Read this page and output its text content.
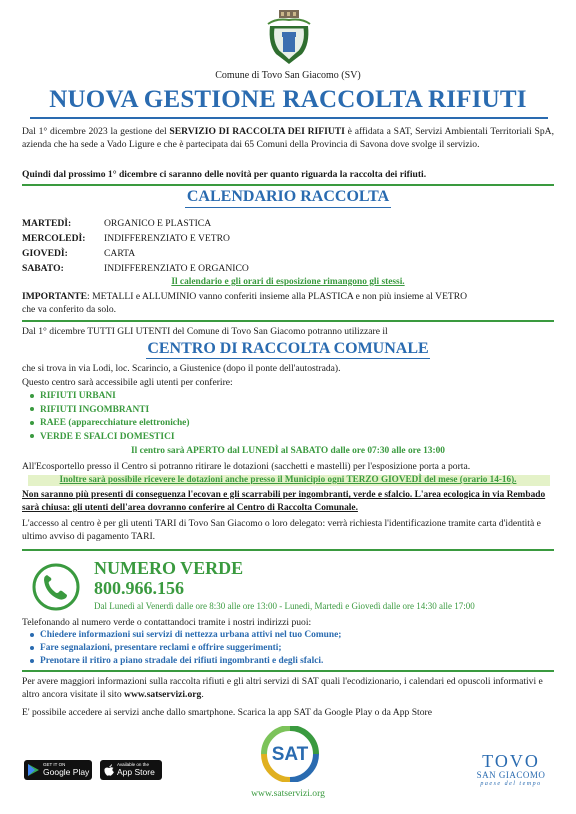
Comune di Tovo San Giacomo (SV)
NUOVA GESTIONE RACCOLTA RIFIUTI
Dal 1° dicembre 2023 la gestione del SERVIZIO DI RACCOLTA DEI RIFIUTI è affidata a SAT, Servizi Ambientali Territoriali SpA, azienda che ha sede a Vado Ligure e che è partecipata dai 65 Comuni della Provincia di Savona dove svolge il servizio.
Quindi dal prossimo 1° dicembre ci saranno delle novità per quanto riguarda la raccolta dei rifiuti.
CALENDARIO RACCOLTA
MARTEDÌ:	ORGANICO E PLASTICA
MERCOLEDÌ: INDIFFERENZIATO E VETRO
GIOVEDÌ:	CARTA
SABATO:	INDIFFERENZIATO E ORGANICO
Il calendario e gli orari di esposizione rimangono gli stessi.
IMPORTANTE: METALLI e ALLUMINIO vanno conferiti insieme alla PLASTICA e non più insieme al VETRO
che va conferito da solo.
Dal 1° dicembre TUTTI GLI UTENTI del Comune di Tovo San Giacomo potranno utilizzare il
CENTRO DI RACCOLTA COMUNALE
che si trova in via Lodi, loc. Scarincio, a Giustenice (dopo il ponte dell'autostrada).
Questo centro sarà accessibile agli utenti per conferire:
RIFIUTI URBANI
RIFIUTI INGOMBRANTI
RAEE (apparecchiature elettroniche)
VERDE E SFALCI DOMESTICI
Il centro sarà APERTO dal LUNEDÌ al SABATO dalle ore 07:30 alle ore 13:00
All'Ecosportello presso il Centro si potranno ritirare le dotazioni (sacchetti e mastelli) per l'esposizione porta a porta.
Inoltre sarà possibile ricevere le dotazioni anche presso il Municipio ogni TERZO GIOVEDÌ del mese (orario 14-16).
Non saranno più presenti di conseguenza l'ecovan e gli scarrabili per ingombranti, verde e sfalcio. L'area ecologica in via Rembado sarà chiusa: gli utenti dell'area dovranno conferire al Centro di Raccolta Comunale.
L'accesso al centro è per gli utenti TARI di Tovo San Giacomo o loro delegato: verrà richiesta l'identificazione tramite carta d'identità e ultimo avviso di pagamento TARI.
NUMERO VERDE
800.966.156
Dal Lunedì al Venerdì dalle ore 8:30 alle ore 13:00 - Lunedì, Martedì e Giovedì dalle ore 14:30 alle 17:00
Telefonando al numero verde o contattandoci tramite i nostri indirizzi puoi:
Chiedere informazioni sui servizi di nettezza urbana attivi nel tuo Comune;
Fare segnalazioni, presentare reclami e offrire suggerimenti;
Prenotare il ritiro a piano stradale dei rifiuti ingombranti e degli sfalci.
Per avere maggiori informazioni sulla raccolta rifiuti e gli altri servizi di SAT quali l'ecodizionario, i calendari ed opuscoli informativi e altro ancora visitate il sito www.satservizi.org.
E' possibile accedere ai servizi anche dallo smartphone. Scarica la app SAT da Google Play o da App Store
GET IT ON
Google Play
Available on the
App Store
SAT
www.satservizi.org
TOVO
SAN GIACOMO
paese del tempo
